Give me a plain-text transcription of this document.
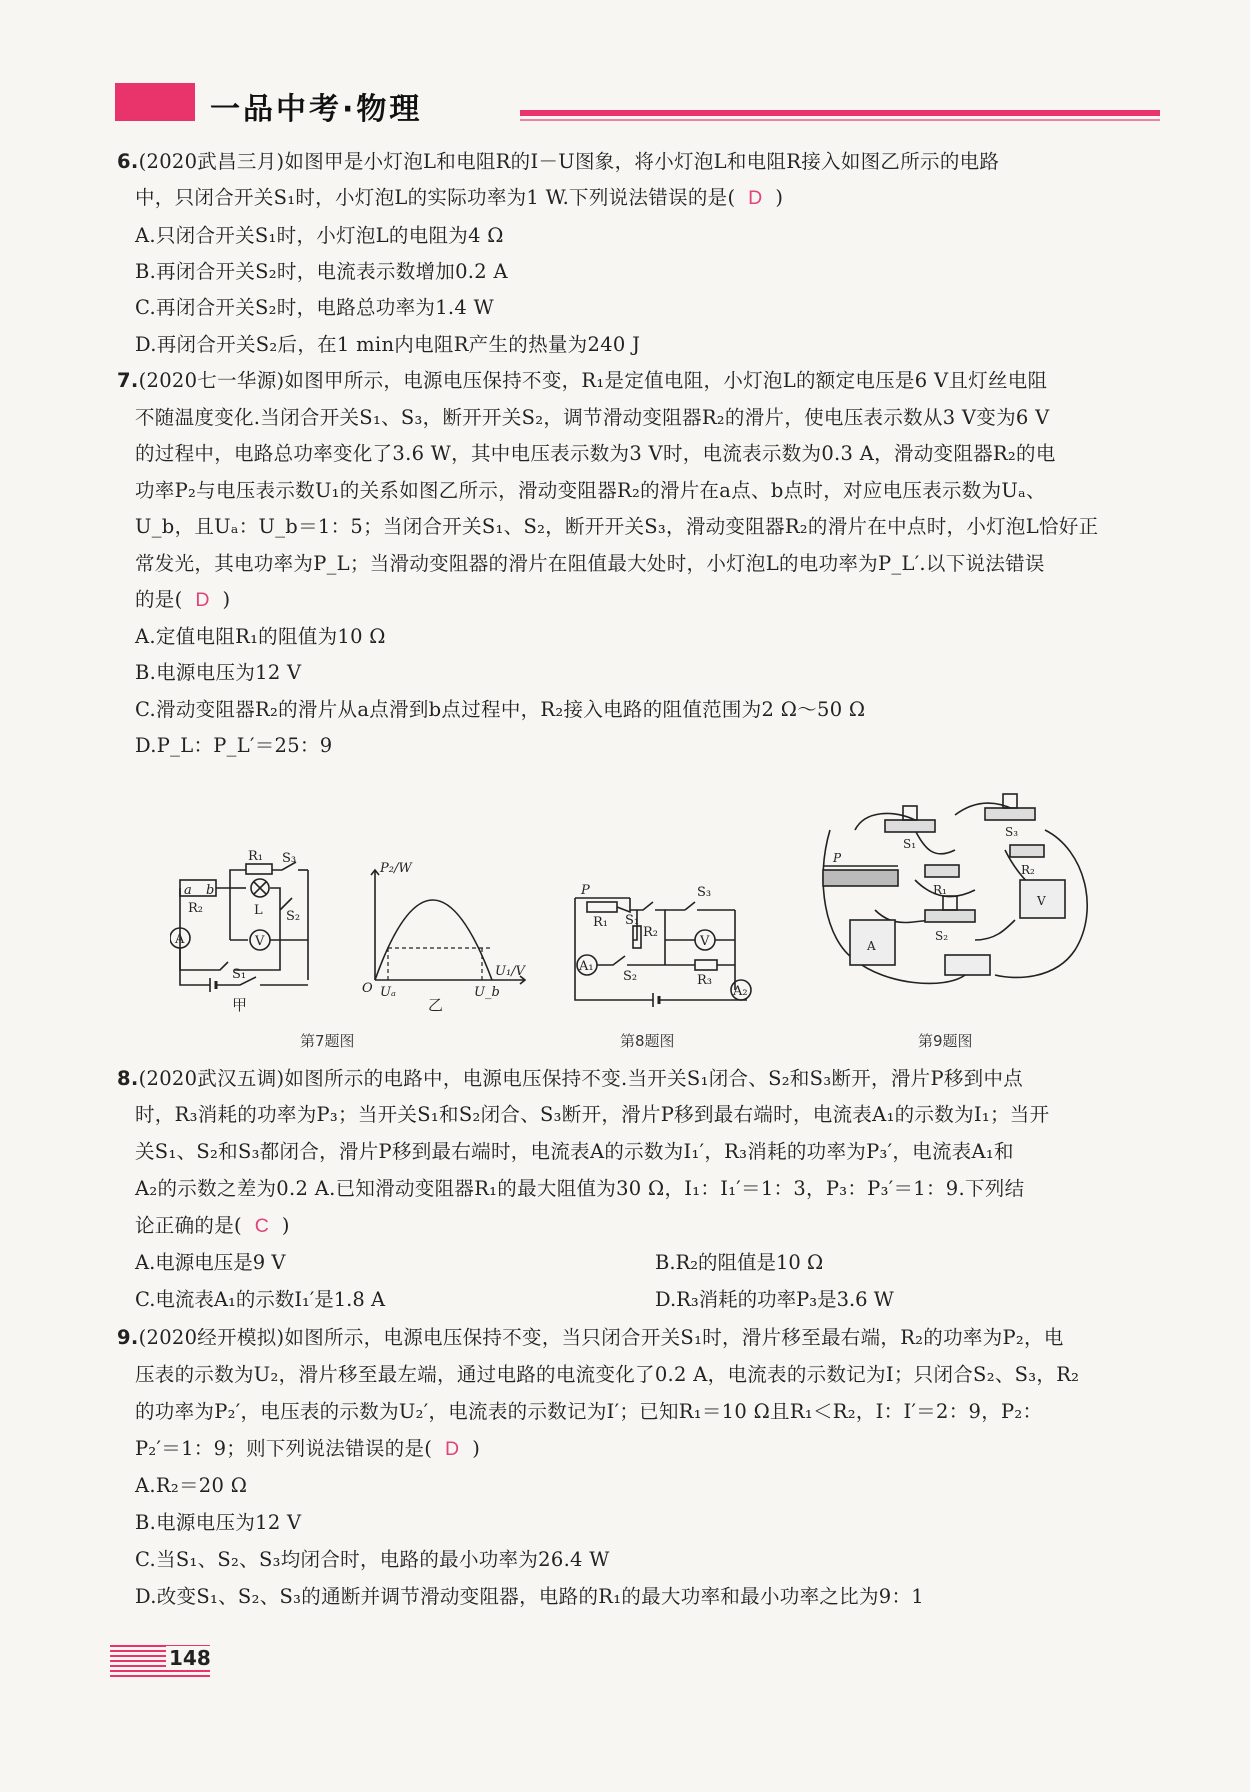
一品中考·物理
6.(2020武昌三月)如图甲是小灯泡L和电阻R的I－U图象，将小灯泡L和电阻R接入如图乙所示的电路
中，只闭合开关S₁时，小灯泡L的实际功率为1 W.下列说法错误的是( D )
A.只闭合开关S₁时，小灯泡L的电阻为4 Ω
B.再闭合开关S₂时，电流表示数增加0.2 A
C.再闭合开关S₂时，电路总功率为1.4 W
D.再闭合开关S₂后，在1 min内电阻R产生的热量为240 J
7.(2020七一华源)如图甲所示，电源电压保持不变，R₁是定值电阻，小灯泡L的额定电压是6 V且灯丝电阻
不随温度变化.当闭合开关S₁、S₃，断开开关S₂，调节滑动变阻器R₂的滑片，使电压表示数从3 V变为6 V
的过程中，电路总功率变化了3.6 W，其中电压表示数为3 V时，电流表示数为0.3 A，滑动变阻器R₂的电
功率P₂与电压表示数U₁的关系如图乙所示，滑动变阻器R₂的滑片在a点、b点时，对应电压表示数为Uₐ、
U_b，且Uₐ：U_b＝1：5；当闭合开关S₁、S₂，断开开关S₃，滑动变阻器R₂的滑片在中点时，小灯泡L恰好正
常发光，其电功率为P_L；当滑动变阻器的滑片在阻值最大处时，小灯泡L的电功率为P_L′.以下说法错误
的是( D )
A.定值电阻R₁的阻值为10 Ω
B.电源电压为12 V
C.滑动变阻器R₂的滑片从a点滑到b点过程中，R₂接入电路的阻值范围为2 Ω～50 Ω
D.P_L：P_L′＝25：9
R₁ S₃
a b
L
R₂
S₂
A	V
S₁
甲
P₂/W
U₁/V
O Uₐ	U_b
乙
P
R₁ S₁
R₂
S₃
V
A₁
S₂	R₃
A₂
S₁
S₃
P
R₁
R₂
V
A
S₂
第7题图	第8题图	第9题图
8.(2020武汉五调)如图所示的电路中，电源电压保持不变.当开关S₁闭合、S₂和S₃断开，滑片P移到中点
时，R₃消耗的功率为P₃；当开关S₁和S₂闭合、S₃断开，滑片P移到最右端时，电流表A₁的示数为I₁；当开
关S₁、S₂和S₃都闭合，滑片P移到最右端时，电流表A的示数为I₁′，R₃消耗的功率为P₃′，电流表A₁和
A₂的示数之差为0.2 A.已知滑动变阻器R₁的最大阻值为30 Ω，I₁：I₁′＝1：3，P₃：P₃′＝1：9.下列结
论正确的是( C )
A.电源电压是9 V	B.R₂的阻值是10 Ω
C.电流表A₁的示数I₁′是1.8 A	D.R₃消耗的功率P₃是3.6 W
9.(2020经开模拟)如图所示，电源电压保持不变，当只闭合开关S₁时，滑片移至最右端，R₂的功率为P₂，电
压表的示数为U₂，滑片移至最左端，通过电路的电流变化了0.2 A，电流表的示数记为I；只闭合S₂、S₃，R₂
的功率为P₂′，电压表的示数为U₂′，电流表的示数记为I′；已知R₁＝10 Ω且R₁＜R₂，I：I′＝2：9，P₂：
P₂′＝1：9；则下列说法错误的是( D )
A.R₂＝20 Ω
B.电源电压为12 V
C.当S₁、S₂、S₃均闭合时，电路的最小功率为26.4 W
D.改变S₁、S₂、S₃的通断并调节滑动变阻器，电路的R₁的最大功率和最小功率之比为9：1
148
